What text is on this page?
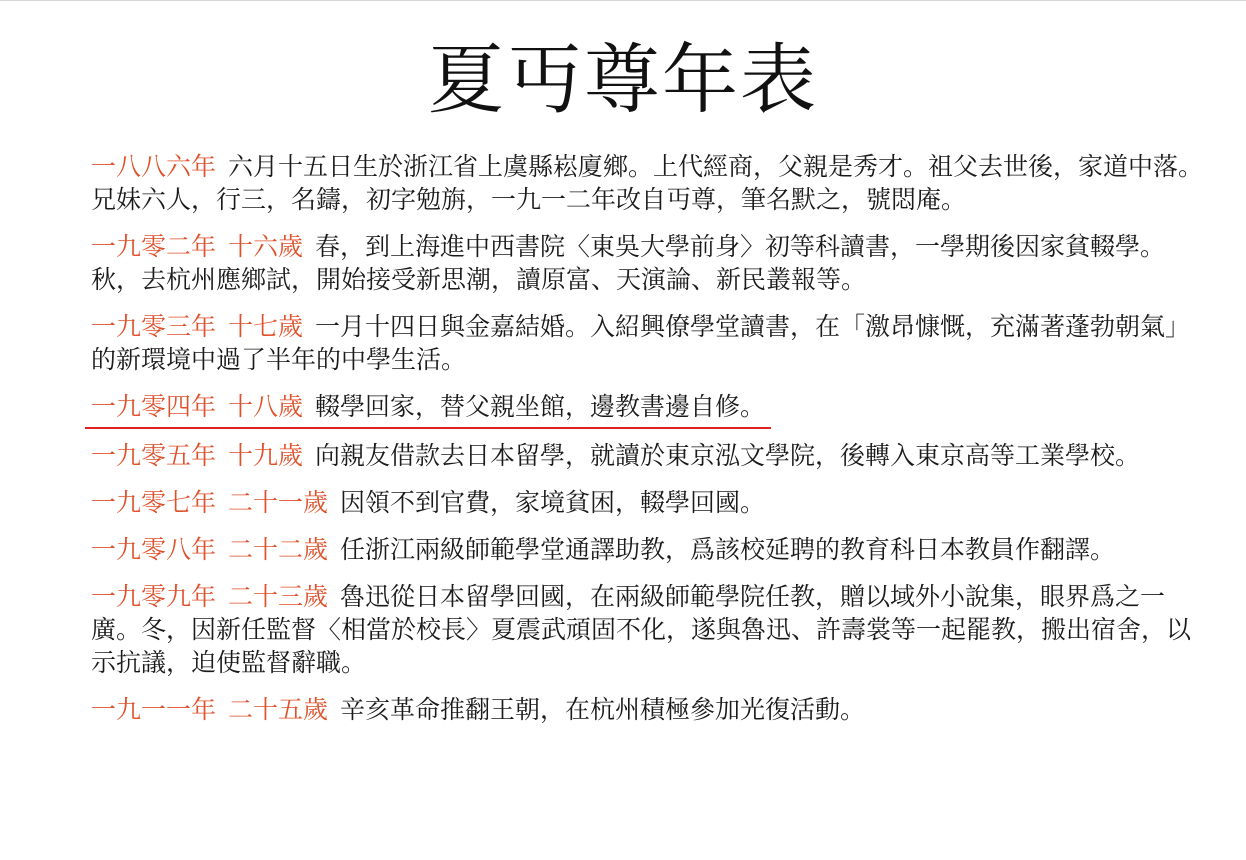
夏丏尊年表

一八八六年 六月十五日生於浙江省上虞縣崧廈鄉。上代經商，父親是秀才。祖父去世後，家道中落。兄妹六人，行三，名鑄，初字勉旃，一九一二年改自丏尊，筆名默之，號悶庵。

一九零二年 十六歲 春，到上海進中西書院〈東吳大學前身〉初等科讀書，一學期後因家貧輟學。秋，去杭州應鄉試，開始接受新思潮，讀原富、天演論、新民叢報等。

一九零三年 十七歲 一月十四日與金嘉結婚。入紹興僚學堂讀書，在「激昂慷慨，充滿著蓬勃朝氣」的新環境中過了半年的中學生活。

一九零四年 十八歲 輟學回家，替父親坐館，邊教書邊自修。

一九零五年 十九歲 向親友借款去日本留學，就讀於東京泓文學院，後轉入東京高等工業學校。

一九零七年 二十一歲 因領不到官費，家境貧困，輟學回國。

一九零八年 二十二歲 任浙江兩級師範學堂通譯助教，爲該校延聘的教育科日本教員作翻譯。

一九零九年 二十三歲 魯迅從日本留學回國，在兩級師範學院任教，贈以域外小說集，眼界爲之一廣。冬，因新任監督〈相當於校長〉夏震武頑固不化，遂與魯迅、許壽裳等一起罷教，搬出宿舍，以示抗議，迫使監督辭職。

一九一一年 二十五歲 辛亥革命推翻王朝，在杭州積極參加光復活動。
